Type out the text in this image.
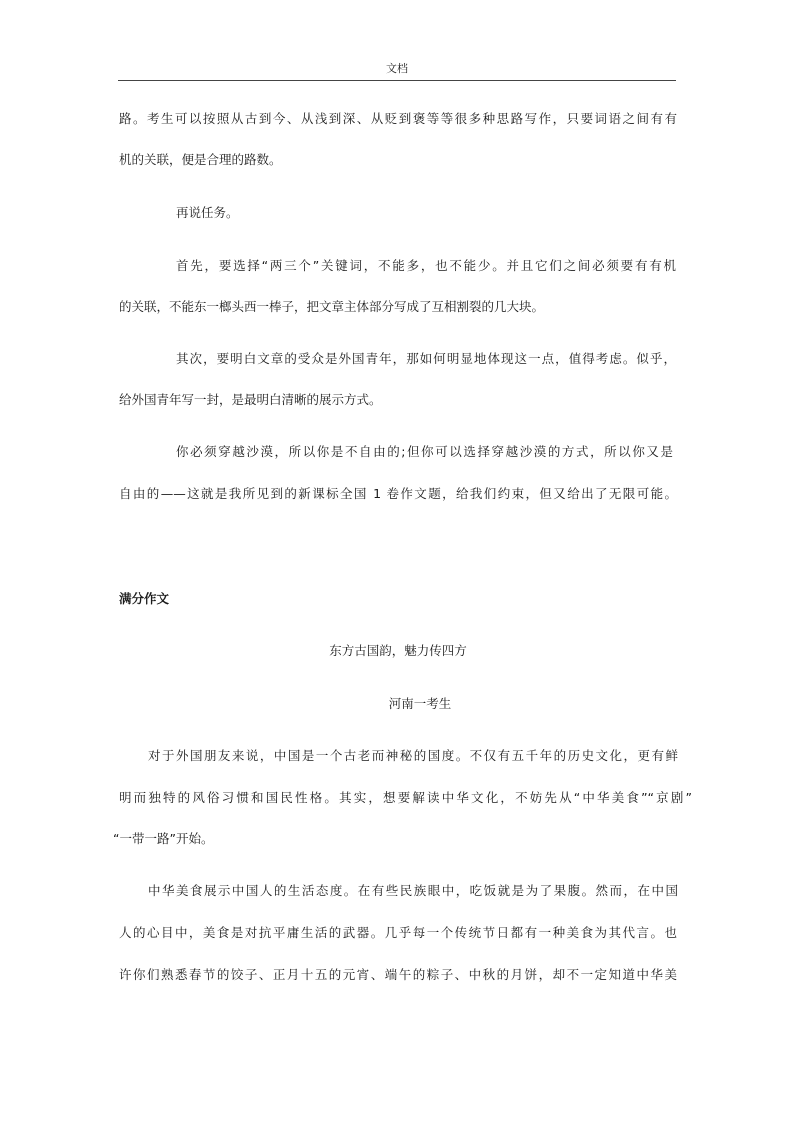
文档
路。考生可以按照从古到今、从浅到深、从贬到褒等等很多种思路写作，只要词语之间有有
机的关联，便是合理的路数。
再说任务。
首先，要选择“两三个”关键词，不能多，也不能少。并且它们之间必须要有有机
的关联，不能东一榔头西一棒子，把文章主体部分写成了互相割裂的几大块。
其次，要明白文章的受众是外国青年，那如何明显地体现这一点，值得考虑。似乎，
给外国青年写一封，是最明白清晰的展示方式。
你必须穿越沙漠，所以你是不自由的;但你可以选择穿越沙漠的方式，所以你又是
自由的——这就是我所见到的新课标全国 1 卷作文题，给我们约束，但又给出了无限可能。
满分作文
东方古国韵，魅力传四方
河南一考生
对于外国朋友来说，中国是一个古老而神秘的国度。不仅有五千年的历史文化，更有鲜
明而独特的风俗习惯和国民性格。其实，想要解读中华文化，不妨先从“中华美食”“京剧”
“一带一路”开始。
中华美食展示中国人的生活态度。在有些民族眼中，吃饭就是为了果腹。然而，在中国
人的心目中，美食是对抗平庸生活的武器。几乎每一个传统节日都有一种美食为其代言。也
许你们熟悉春节的饺子、正月十五的元宵、端午的粽子、中秋的月饼，却不一定知道中华美
